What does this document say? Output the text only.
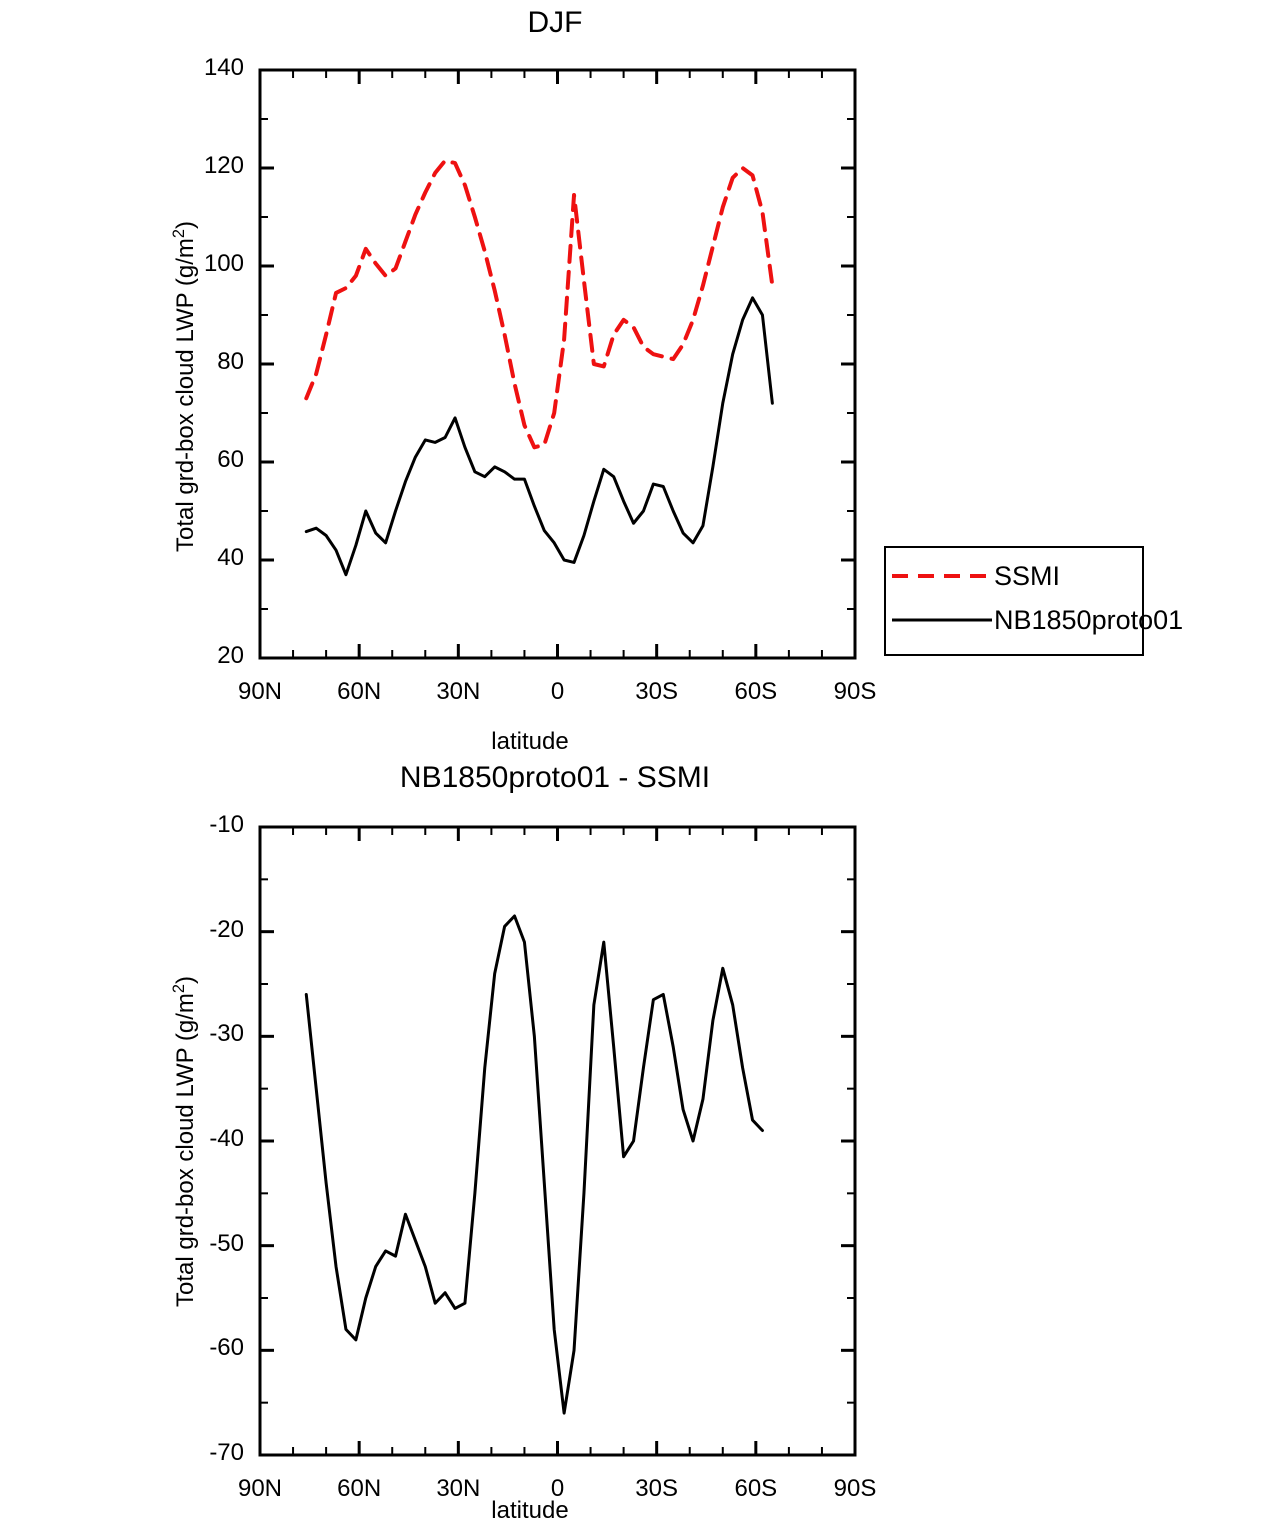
DJF
Total grd-box cloud LWP $(g/m^2)$
latitude
SSMI
NB1850proto01
90N	60N	30N	0	30S	60S	90S
20
40
60
80
100
120
140
NB1850proto01 - SSMI
Total grd-box cloud LWP $(g/m^2)$
latitude
90N	60N	30N	0	30S	60S	90S
-70
-60
-50
-40
-30
-20
-10
